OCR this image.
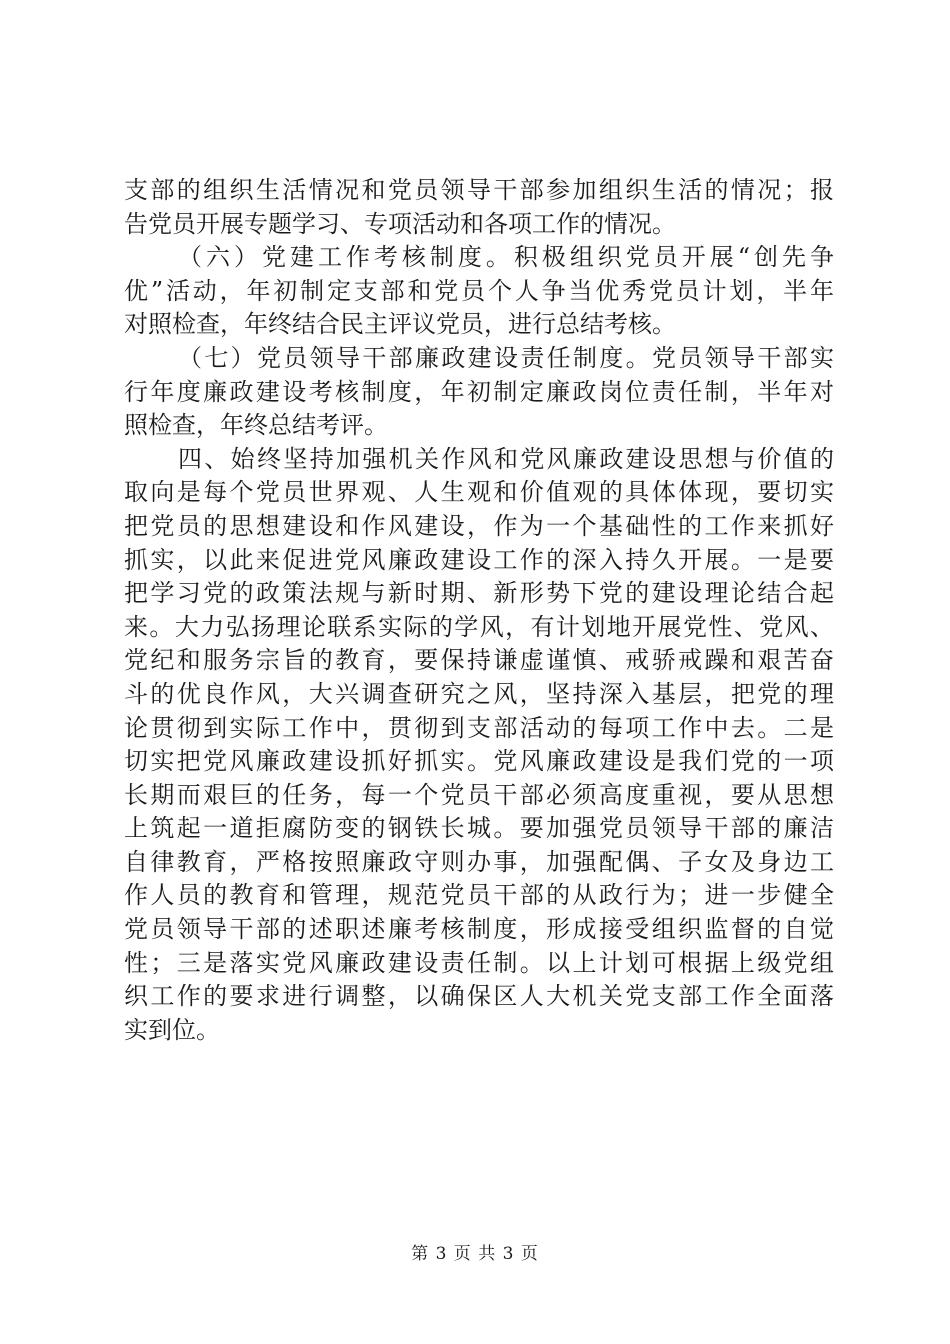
支部的组织生活情况和党员领导干部参加组织生活的情况；报
告党员开展专题学习、专项活动和各项工作的情况。
（六）党建工作考核制度。积极组织党员开展“创先争
优”活动，年初制定支部和党员个人争当优秀党员计划，半年
对照检查，年终结合民主评议党员，进行总结考核。
（七）党员领导干部廉政建设责任制度。党员领导干部实
行年度廉政建设考核制度，年初制定廉政岗位责任制，半年对
照检查，年终总结考评。
四、始终坚持加强机关作风和党风廉政建设思想与价值的
取向是每个党员世界观、人生观和价值观的具体体现，要切实
把党员的思想建设和作风建设，作为一个基础性的工作来抓好
抓实，以此来促进党风廉政建设工作的深入持久开展。一是要
把学习党的政策法规与新时期、新形势下党的建设理论结合起
来。大力弘扬理论联系实际的学风，有计划地开展党性、党风、
党纪和服务宗旨的教育，要保持谦虚谨慎、戒骄戒躁和艰苦奋
斗的优良作风，大兴调查研究之风，坚持深入基层，把党的理
论贯彻到实际工作中，贯彻到支部活动的每项工作中去。二是
切实把党风廉政建设抓好抓实。党风廉政建设是我们党的一项
长期而艰巨的任务，每一个党员干部必须高度重视，要从思想
上筑起一道拒腐防变的钢铁长城。要加强党员领导干部的廉洁
自律教育，严格按照廉政守则办事，加强配偶、子女及身边工
作人员的教育和管理，规范党员干部的从政行为；进一步健全
党员领导干部的述职述廉考核制度，形成接受组织监督的自觉
性；三是落实党风廉政建设责任制。以上计划可根据上级党组
织工作的要求进行调整，以确保区人大机关党支部工作全面落
实到位。
第 3 页 共 3 页
